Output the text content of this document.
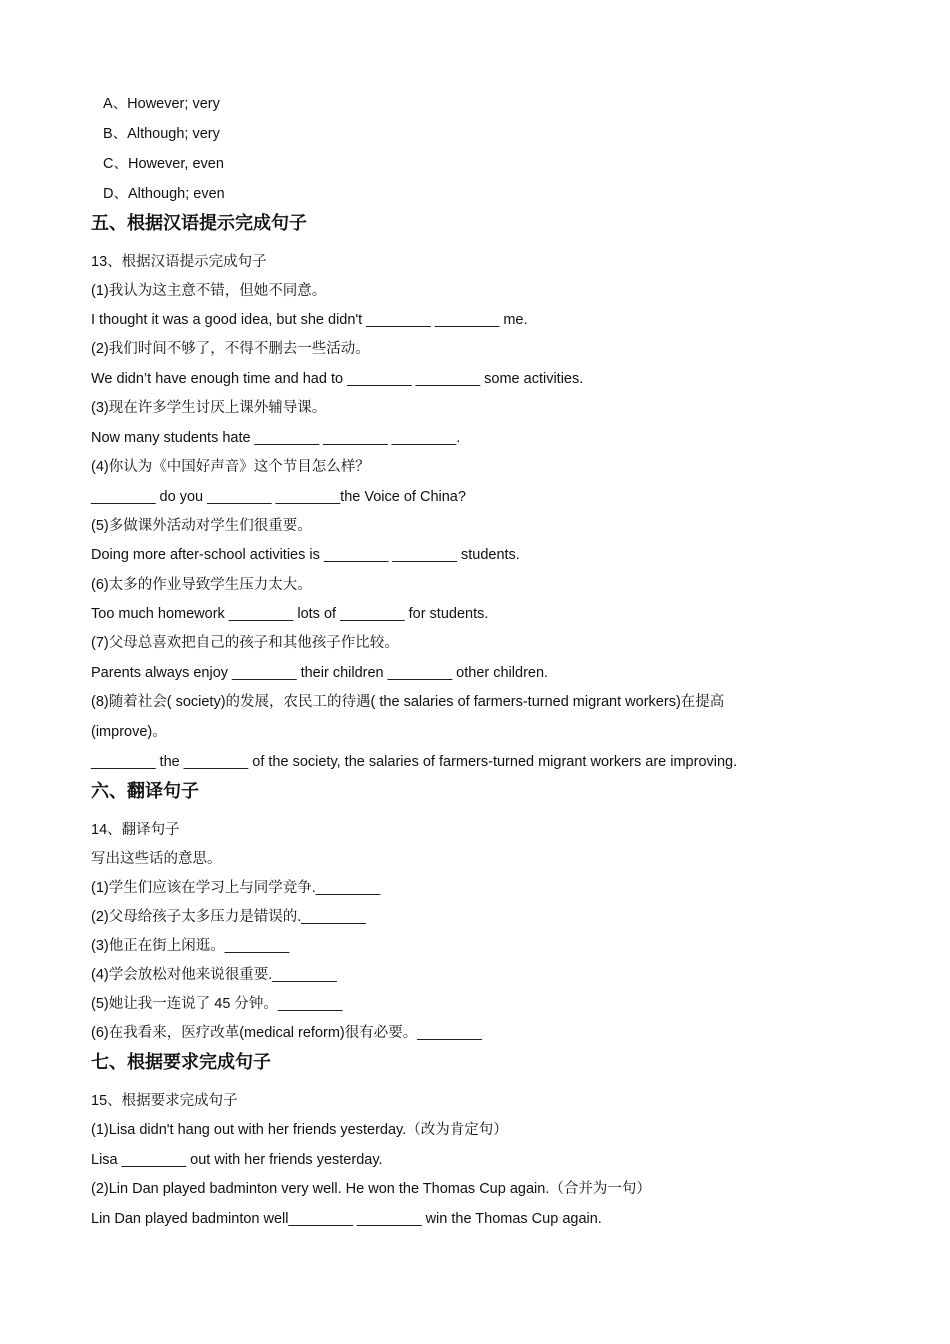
A、However; very
B、Although; very
C、However, even
D、Although; even
五、根据汉语提示完成句子
13、根据汉语提示完成句子
(1)我认为这主意不错，但她不同意。
I thought it was a good idea, but she didn't ________ ________ me.
(2)我们时间不够了，不得不删去一些活动。
We didn’t have enough time and had to ________ ________ some activities.
(3)现在许多学生讨厌上课外辅导课。
Now many students hate ________ ________ ________.
(4)你认为《中国好声音》这个节目怎么样？
________ do you ________ ________the Voice of China?
(5)多做课外活动对学生们很重要。
Doing more after-school activities is ________ ________ students.
(6)太多的作业导致学生压力太大。
Too much homework ________ lots of ________ for students.
(7)父母总喜欢把自己的孩子和其他孩子作比较。
Parents always enjoy ________ their children ________ other children.
(8)随着社会( society)的发展，农民工的待遇( the salaries of farmers-turned migrant workers)在提高
(improve)。
________ the ________ of the society, the salaries of farmers-turned migrant workers are improving.
六、翻译句子
14、翻译句子
写出这些话的意思。
(1)学生们应该在学习上与同学竞争.________
(2)父母给孩子太多压力是错误的.________
(3)他正在街上闲逛。________
(4)学会放松对他来说很重要.________
(5)她让我一连说了 45 分钟。________
(6)在我看来，医疗改革(medical reform)很有必要。________
七、根据要求完成句子
15、根据要求完成句子
(1)Lisa didn't hang out with her friends yesterday.（改为肯定句）
Lisa ________ out with her friends yesterday.
(2)Lin Dan played badminton very well. He won the Thomas Cup again.（合并为一句）
Lin Dan played badminton well________ ________ win the Thomas Cup again.
